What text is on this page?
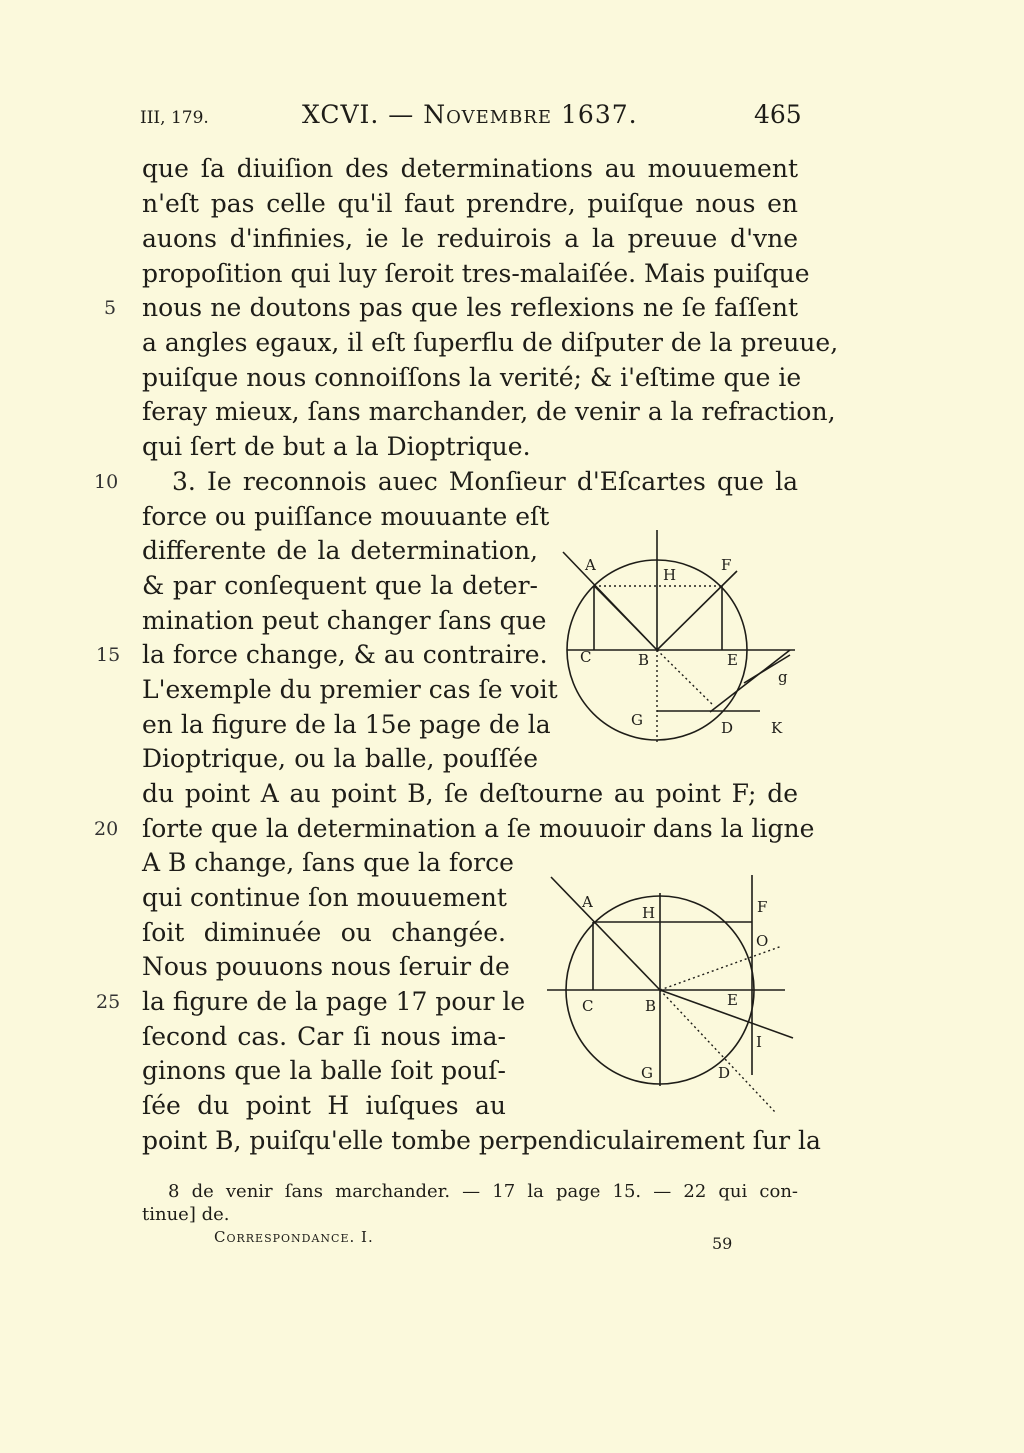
III, 179.	XCVI. — Novembre 1637.	465
que ſa diuiſion des determinations au mouuement
n'eſt pas celle qu'il faut prendre, puiſque nous en
auons d'infinies, ie le reduirois a la preuue d'vne
propoſition qui luy ſeroit tres-malaiſée. Mais puiſque
nous ne doutons pas que les reflexions ne ſe faſſent
a angles egaux, il eſt ſuperflu de diſputer de la preuue,
puiſque nous connoiſſons la verité; & i'eſtime que ie
feray mieux, ſans marchander, de venir a la refraction,
qui ſert de but a la Dioptrique.
3. Ie reconnois auec Monſieur d'Eſcartes que la
force ou puiſſance mouuante eſt
differente de la determination,
& par conſequent que la deter-
mination peut changer ſans que
la force change, & au contraire.
L'exemple du premier cas ſe voit
en la figure de la 15e page de la
Dioptrique, ou la balle, pouſſée
du point A au point B, ſe deſtourne au point F; de
ſorte que la determination a ſe mouuoir dans la ligne
A B change, ſans que la force
qui continue ſon mouuement
ſoit diminuée ou changée.
Nous pouuons nous ſeruir de
la figure de la page 17 pour le
ſecond cas. Car ſi nous ima-
ginons que la balle ſoit pouſ-
ſée du point H iuſques au
point B, puiſqu'elle tombe perpendiculairement ſur la
5
10
15
20
25
A
H
F
C	B	E
g
G	D	K
A
H	F
O
C	B	E
I
G	D
8 de venir ſans marchander. — 17 la page 15. — 22 qui con-
tinue] de.
Correspondance. I.	59
